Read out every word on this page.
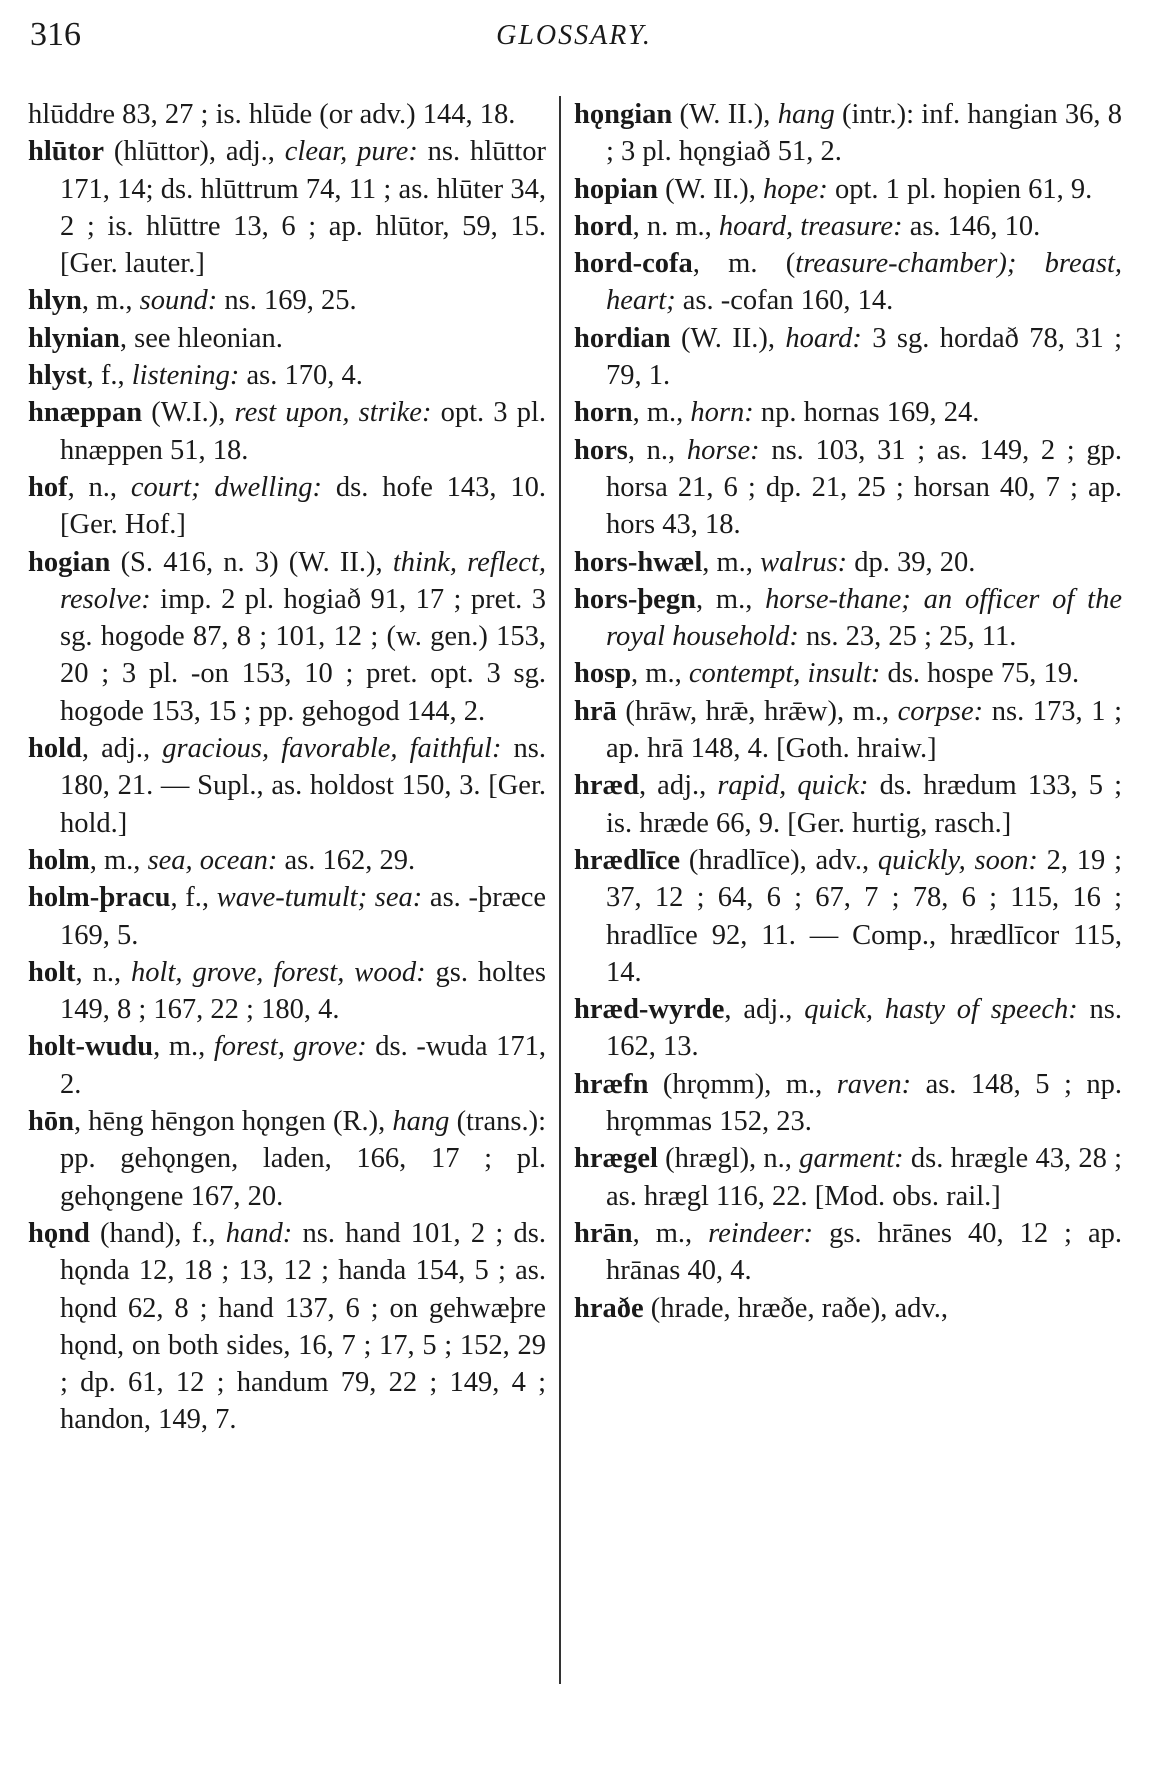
316	GLOSSARY.

hlūddre 83, 27 ; is. hlūde (or adv.) 144, 18.

hlūtor (hlūttor), adj., clear, pure: ns. hlūttor 171, 14; ds. hlūttrum 74, 11 ; as. hlūter 34, 2 ; is. hlūttre 13, 6 ; ap. hlūtor, 59, 15. [Ger. lauter.]

hlyn, m., sound: ns. 169, 25.

hlynian, see hleonian.

hlyst, f., listening: as. 170, 4.

hnæppan (W.I.), rest upon, strike: opt. 3 pl. hnæppen 51, 18.

hof, n., court; dwelling: ds. hofe 143, 10. [Ger. Hof.]

hogian (S. 416, n. 3) (W. II.), think, reflect, resolve: imp. 2 pl. hogiað 91, 17 ; pret. 3 sg. hogode 87, 8 ; 101, 12 ; (w. gen.) 153, 20 ; 3 pl. -on 153, 10 ; pret. opt. 3 sg. hogode 153, 15 ; pp. gehogod 144, 2.

hold, adj., gracious, favorable, faithful: ns. 180, 21. — Supl., as. holdost 150, 3. [Ger. hold.]

holm, m., sea, ocean: as. 162, 29.

holm-þracu, f., wave-tumult; sea: as. -þræce 169, 5.

holt, n., holt, grove, forest, wood: gs. holtes 149, 8 ; 167, 22 ; 180, 4.

holt-wudu, m., forest, grove: ds. -wuda 171, 2.

hōn, hēng hēngon hǫngen (R.), hang (trans.): pp. gehǫngen, laden, 166, 17 ; pl. gehǫngene 167, 20.

hǫnd (hand), f., hand: ns. hand 101, 2 ; ds. hǫnda 12, 18 ; 13, 12 ; handa 154, 5 ; as. hǫnd 62, 8 ; hand 137, 6 ; on gehwæþre hǫnd, on both sides, 16, 7 ; 17, 5 ; 152, 29 ; dp. 61, 12 ; handum 79, 22 ; 149, 4 ; handon, 149, 7.

hǫngian (W. II.), hang (intr.): inf. hangian 36, 8 ; 3 pl. hǫngiað 51, 2.

hopian (W. II.), hope: opt. 1 pl. hopien 61, 9.

hord, n. m., hoard, treasure: as. 146, 10.

hord-cofa, m. (treasure-chamber); breast, heart; as. -cofan 160, 14.

hordian (W. II.), hoard: 3 sg. hordað 78, 31 ; 79, 1.

horn, m., horn: np. hornas 169, 24.

hors, n., horse: ns. 103, 31 ; as. 149, 2 ; gp. horsa 21, 6 ; dp. 21, 25 ; horsan 40, 7 ; ap. hors 43, 18.

hors-hwæl, m., walrus: dp. 39, 20.

hors-þegn, m., horse-thane; an officer of the royal household: ns. 23, 25 ; 25, 11.

hosp, m., contempt, insult: ds. hospe 75, 19.

hrā (hrāw, hrǣ, hrǣw), m., corpse: ns. 173, 1 ; ap. hrā 148, 4. [Goth. hraiw.]

hræd, adj., rapid, quick: ds. hrædum 133, 5 ; is. hræde 66, 9. [Ger. hurtig, rasch.]

hrædlīce (hradlīce), adv., quickly, soon: 2, 19 ; 37, 12 ; 64, 6 ; 67, 7 ; 78, 6 ; 115, 16 ; hradlīce 92, 11. — Comp., hrædlīcor 115, 14.

hræd-wyrde, adj., quick, hasty of speech: ns. 162, 13.

hræfn (hrǫmm), m., raven: as. 148, 5 ; np. hrǫmmas 152, 23.

hrægel (hrægl), n., garment: ds. hrægle 43, 28 ; as. hrægl 116, 22. [Mod. obs. rail.]

hrān, m., reindeer: gs. hrānes 40, 12 ; ap. hrānas 40, 4.

hraðe (hrade, hræðe, raðe), adv.,
